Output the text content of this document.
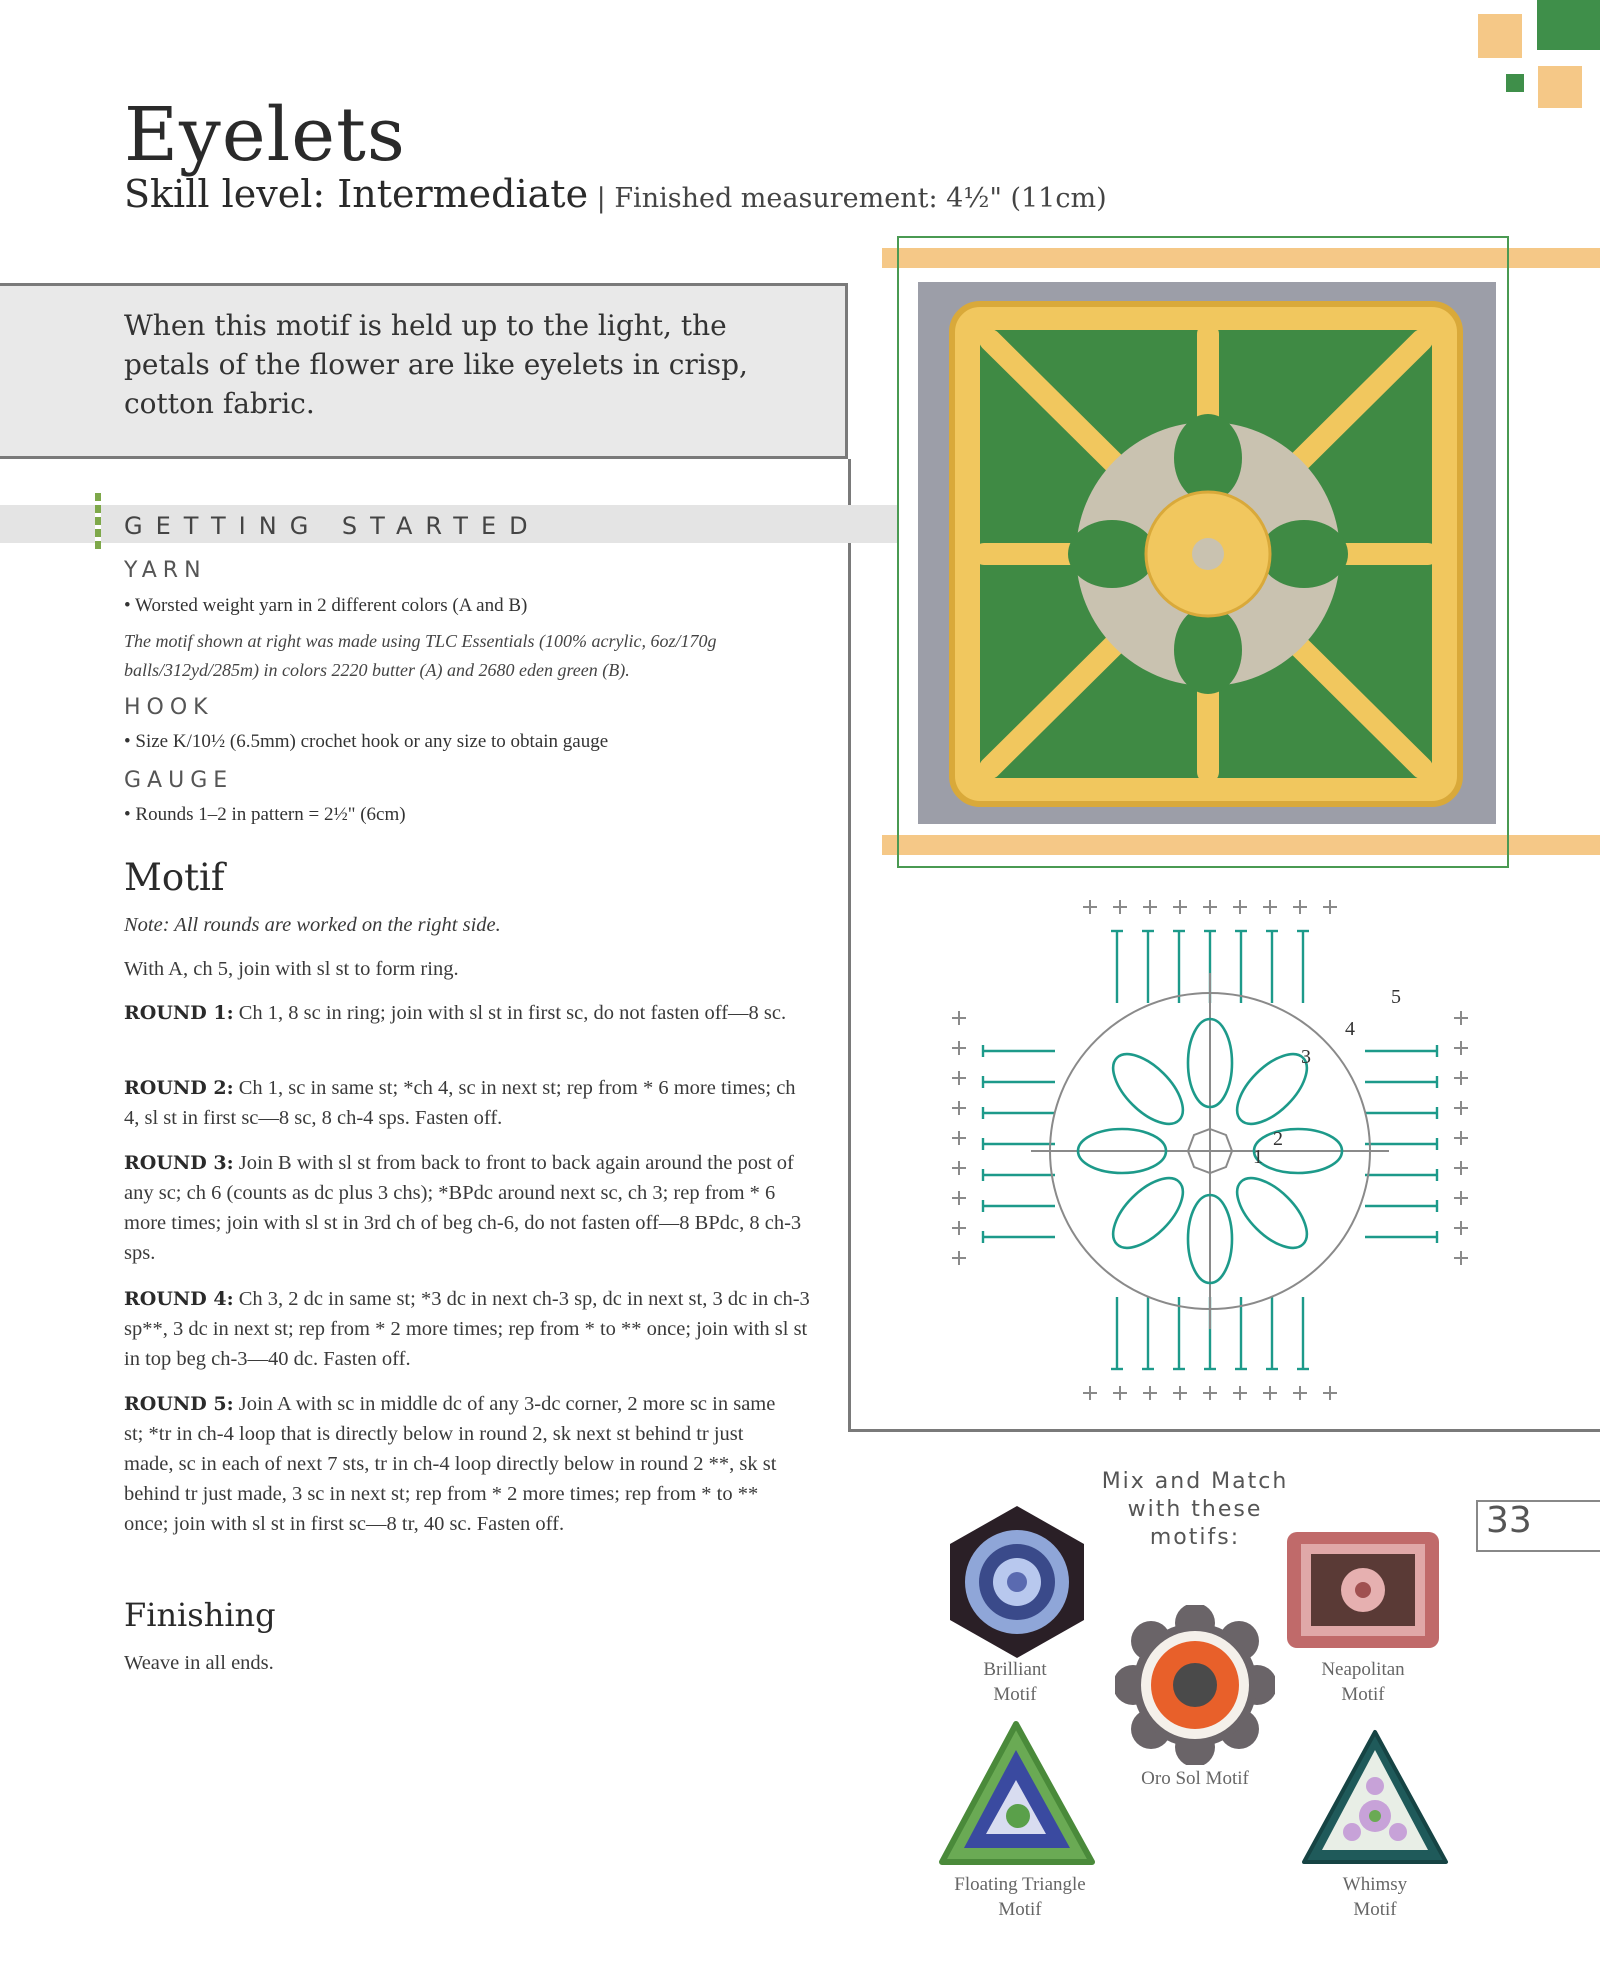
Eyelets
Skill level: Intermediate | Finished measurement: 4½" (11cm)
When this motif is held up to the light, the petals of the flower are like eyelets in crisp, cotton fabric.
GETTING STARTED
YARN
• Worsted weight yarn in 2 different colors (A and B)
The motif shown at right was made using TLC Essentials (100% acrylic, 6oz/170g balls/312yd/285m) in colors 2220 butter (A) and 2680 eden green (B).
HOOK
• Size K/10½ (6.5mm) crochet hook or any size to obtain gauge
GAUGE
• Rounds 1–2 in pattern = 2½" (6cm)
Motif
Note: All rounds are worked on the right side.
With A, ch 5, join with sl st to form ring.
ROUND 1: Ch 1, 8 sc in ring; join with sl st in first sc, do not fasten off—8 sc.
ROUND 2: Ch 1, sc in same st; *ch 4, sc in next st; rep from * 6 more times; ch 4, sl st in first sc—8 sc, 8 ch-4 sps. Fasten off.
ROUND 3: Join B with sl st from back to front to back again around the post of any sc; ch 6 (counts as dc plus 3 chs); *BPdc around next sc, ch 3; rep from * 6 more times; join with sl st in 3rd ch of beg ch-6, do not fasten off—8 BPdc, 8 ch-3 sps.
ROUND 4: Ch 3, 2 dc in same st; *3 dc in next ch-3 sp, dc in next st, 3 dc in ch-3 sp**, 3 dc in next st; rep from * 2 more times; rep from * to ** once; join with sl st in top beg ch-3—40 dc. Fasten off.
ROUND 5: Join A with sc in middle dc of any 3-dc corner, 2 more sc in same st; *tr in ch-4 loop that is directly below in round 2, sk next st behind tr just made, sc in each of next 7 sts, tr in ch-4 loop directly below in round 2 **, sk st behind tr just made, 3 sc in next st; rep from * 2 more times; rep from * to ** once; join with sl st in first sc—8 tr, 40 sc. Fasten off.
Finishing
Weave in all ends.
1
2
3
4
5
Mix and Match with these motifs:	33
Brilliant
Motif
Oro Sol Motif
Neapolitan
Motif
Floating Triangle
Motif
Whimsy
Motif
